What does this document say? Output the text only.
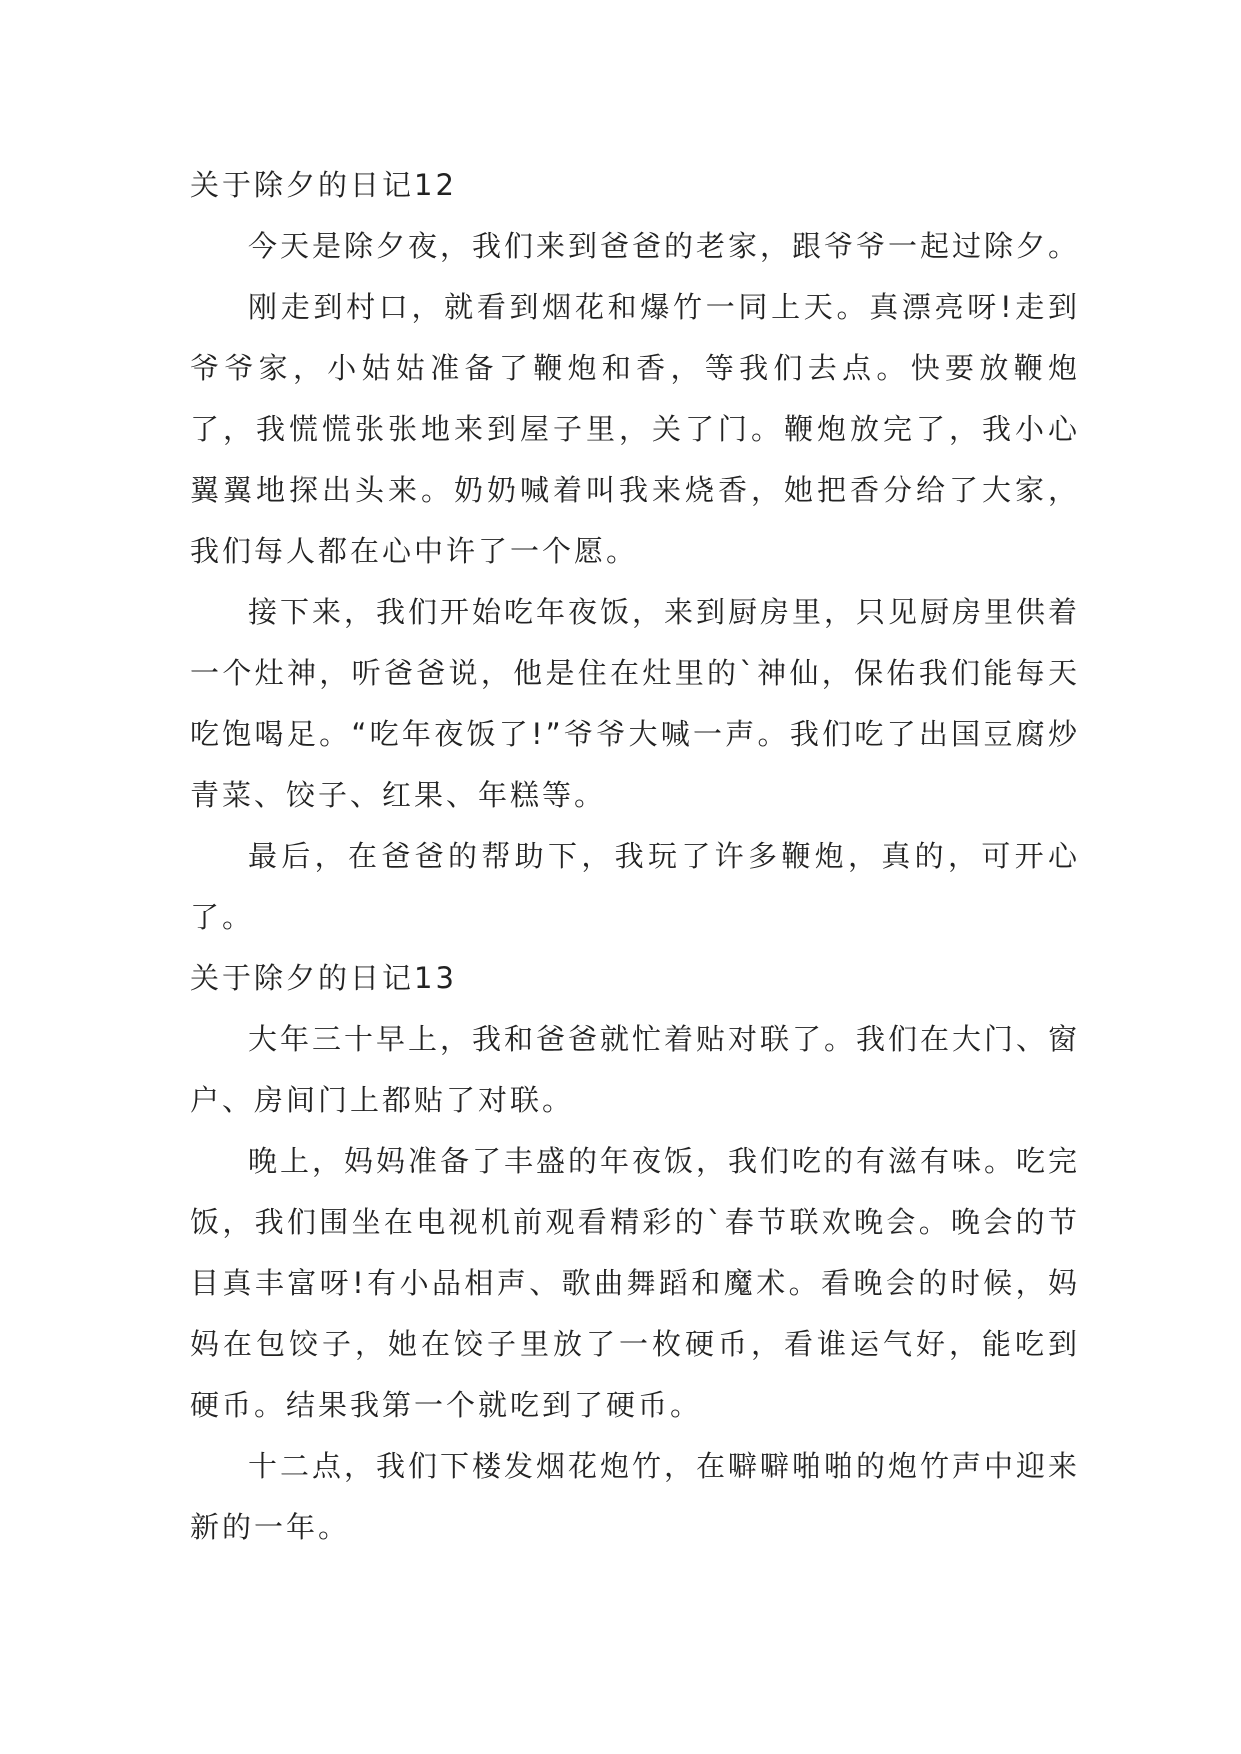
关于除夕的日记12

今天是除夕夜，我们来到爸爸的老家，跟爷爷一起过除夕。

刚走到村口，就看到烟花和爆竹一同上天。真漂亮呀!走到爷爷家，小姑姑准备了鞭炮和香，等我们去点。快要放鞭炮了，我慌慌张张地来到屋子里，关了门。鞭炮放完了，我小心翼翼地探出头来。奶奶喊着叫我来烧香，她把香分给了大家，我们每人都在心中许了一个愿。

接下来，我们开始吃年夜饭，来到厨房里，只见厨房里供着一个灶神，听爸爸说，他是住在灶里的`神仙，保佑我们能每天吃饱喝足。“吃年夜饭了!”爷爷大喊一声。我们吃了出国豆腐炒青菜、饺子、红果、年糕等。

最后，在爸爸的帮助下，我玩了许多鞭炮，真的，可开心了。

关于除夕的日记13

大年三十早上，我和爸爸就忙着贴对联了。我们在大门、窗户、房间门上都贴了对联。

晚上，妈妈准备了丰盛的年夜饭，我们吃的有滋有味。吃完饭，我们围坐在电视机前观看精彩的`春节联欢晚会。晚会的节目真丰富呀!有小品相声、歌曲舞蹈和魔术。看晚会的时候，妈妈在包饺子，她在饺子里放了一枚硬币，看谁运气好，能吃到硬币。结果我第一个就吃到了硬币。

十二点，我们下楼发烟花炮竹，在噼噼啪啪的炮竹声中迎来新的一年。
